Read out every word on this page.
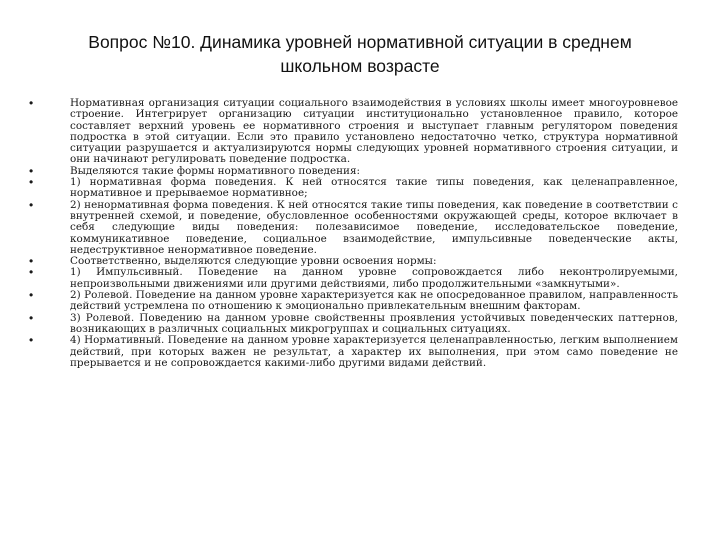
Вопрос №10. Динамика уровней нормативной ситуации в среднем
школьном возрасте
•	Нормативная организация ситуации социального взаимодействия в условиях школы имеет многоуровневое строение. Интегрирует организацию ситуации институционально установленное правило, которое составляет верхний уровень ее нормативного строения и выступает главным регулятором поведения подростка в этой ситуации. Если это правило установлено недостаточно четко, структура нормативной ситуации разрушается и актуализируются нормы следующих уровней нормативного строения ситуации, и они начинают регулировать поведение подростка.
•	Выделяются такие формы нормативного поведения:
•	1) нормативная форма поведения. К ней относятся такие типы поведения, как целенаправленное, нормативное и прерываемое нормативное;
•	2) ненормативная форма поведения. К ней относятся такие типы поведения, как поведение в соответствии с внутренней схемой, и поведение, обусловленное особенностями окружающей среды, которое включает в себя следующие виды поведения: полезависимое поведение, исследовательское поведение, коммуникативное поведение, социальное взаимодействие, импульсивные поведенческие акты, недеструктивное ненормативное поведение.
•	Соответственно, выделяются следующие уровни освоения нормы:
•	1) Импульсивный. Поведение на данном уровне сопровождается либо неконтролируемыми, непроизвольными движениями или другими действиями, либо продолжительными «замкнутыми».
•	2) Ролевой. Поведение на данном уровне характеризуется как не опосредованное правилом, направленность действий устремлена по отношению к эмоционально привлекательным внешним факторам.
•	3) Ролевой. Поведению на данном уровне свойственны проявления устойчивых поведенческих паттернов, возникающих в различных социальных микрогруппах и социальных ситуациях.
•	4) Нормативный. Поведение на данном уровне характеризуется целенаправленностью, легким выполнением действий, при которых важен не результат, а характер их выполнения, при этом само поведение не прерывается и не сопровождается какими-либо другими видами действий.
